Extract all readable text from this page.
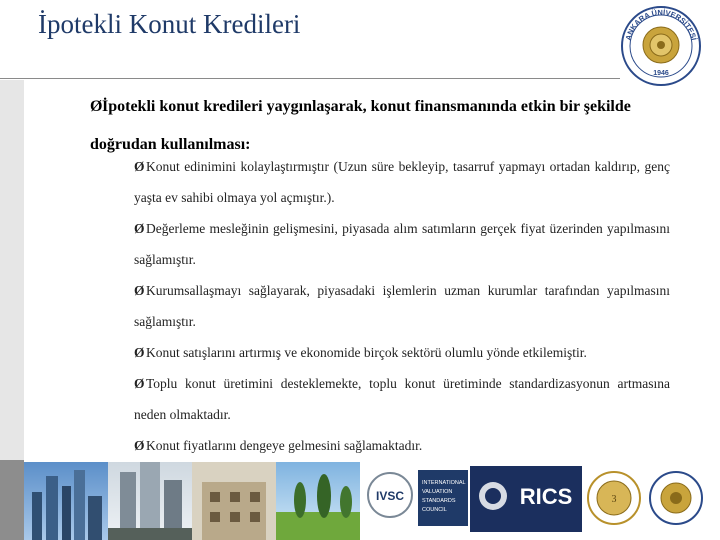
İpotekli Konut Kredileri	ANKARA ÜNİVERSİTESİ
1946
Øİpotekli konut kredileri yaygınlaşarak, konut finansmanında etkin bir şekilde doğrudan kullanılması:
ØKonut edinimini kolaylaştırmıştır (Uzun süre bekleyip, tasarruf yapmayı ortadan kaldırıp, genç yaşta ev sahibi olmaya yol açmıştır.).
ØDeğerleme mesleğinin gelişmesini, piyasada alım satımların gerçek fiyat üzerinden yapılmasını sağlamıştır.
ØKurumsallaşmayı sağlayarak, piyasadaki işlemlerin uzman kurumlar tarafından yapılmasını sağlamıştır.
ØKonut satışlarını artırmış ve ekonomide birçok sektörü olumlu yönde etkilemiştir.
ØToplu konut üretimini desteklemekte, toplu konut üretiminde standardizasyonun artmasına neden olmaktadır.
ØKonut fiyatlarını dengeye gelmesini sağlamaktadır.
IVSC
INTERNATIONAL
VALUATION
STANDARDS
COUNCIL
RICS	3
